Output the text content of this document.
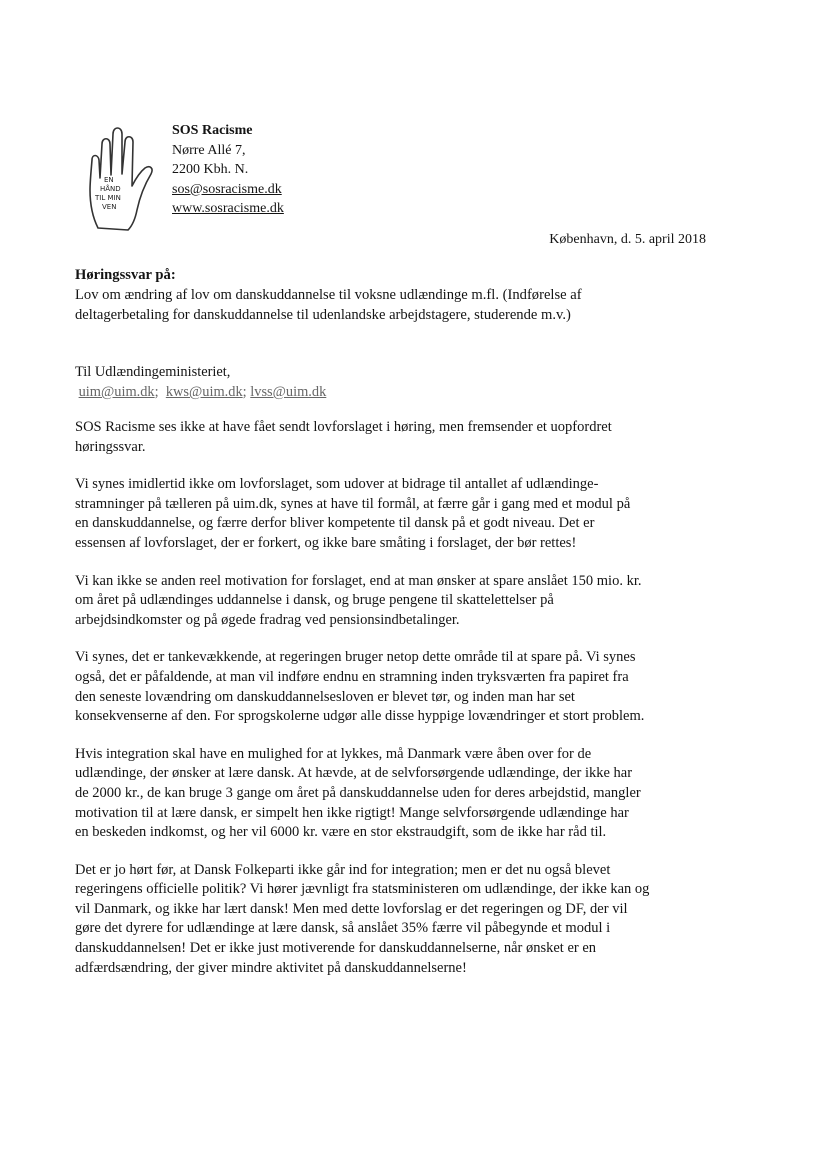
EN
HÅND
TIL MIN
VEN
SOS Racisme
Nørre Allé 7,
2200 Kbh. N.
sos@sosracisme.dk
www.sosracisme.dk
København, d. 5. april 2018
Høringssvar på:
Lov om ændring af lov om danskuddannelse til voksne udlændinge m.fl. (Indførelse af
deltagerbetaling for danskuddannelse til udenlandske arbejdstagere, studerende m.v.)
Til Udlændingeministeriet,
uim@uim.dk; kws@uim.dk; lvss@uim.dk

SOS Racisme ses ikke at have fået sendt lovforslaget i høring, men fremsender et uopfordret
høringssvar.

Vi synes imidlertid ikke om lovforslaget, som udover at bidrage til antallet af udlændinge-
stramninger på tælleren på uim.dk, synes at have til formål, at færre går i gang med et modul på
en danskuddannelse, og færre derfor bliver kompetente til dansk på et godt niveau. Det er
essensen af lovforslaget, der er forkert, og ikke bare småting i forslaget, der bør rettes!

Vi kan ikke se anden reel motivation for forslaget, end at man ønsker at spare anslået 150 mio. kr.
om året på udlændinges uddannelse i dansk, og bruge pengene til skattelettelser på
arbejdsindkomster og på øgede fradrag ved pensionsindbetalinger.

Vi synes, det er tankevækkende, at regeringen bruger netop dette område til at spare på. Vi synes
også, det er påfaldende, at man vil indføre endnu en stramning inden tryksværten fra papiret fra
den seneste lovændring om danskuddannelsesloven er blevet tør, og inden man har set
konsekvenserne af den. For sprogskolerne udgør alle disse hyppige lovændringer et stort problem.

Hvis integration skal have en mulighed for at lykkes, må Danmark være åben over for de
udlændinge, der ønsker at lære dansk. At hævde, at de selvforsørgende udlændinge, der ikke har
de 2000 kr., de kan bruge 3 gange om året på danskuddannelse uden for deres arbejdstid, mangler
motivation til at lære dansk, er simpelt hen ikke rigtigt! Mange selvforsørgende udlændinge har
en beskeden indkomst, og her vil 6000 kr. være en stor ekstraudgift, som de ikke har råd til.

Det er jo hørt før, at Dansk Folkeparti ikke går ind for integration; men er det nu også blevet
regeringens officielle politik? Vi hører jævnligt fra statsministeren om udlændinge, der ikke kan og
vil Danmark, og ikke har lært dansk! Men med dette lovforslag er det regeringen og DF, der vil
gøre det dyrere for udlændinge at lære dansk, så anslået 35% færre vil påbegynde et modul i
danskuddannelsen! Det er ikke just motiverende for danskuddannelserne, når ønsket er en
adfærdsændring, der giver mindre aktivitet på danskuddannelserne!
